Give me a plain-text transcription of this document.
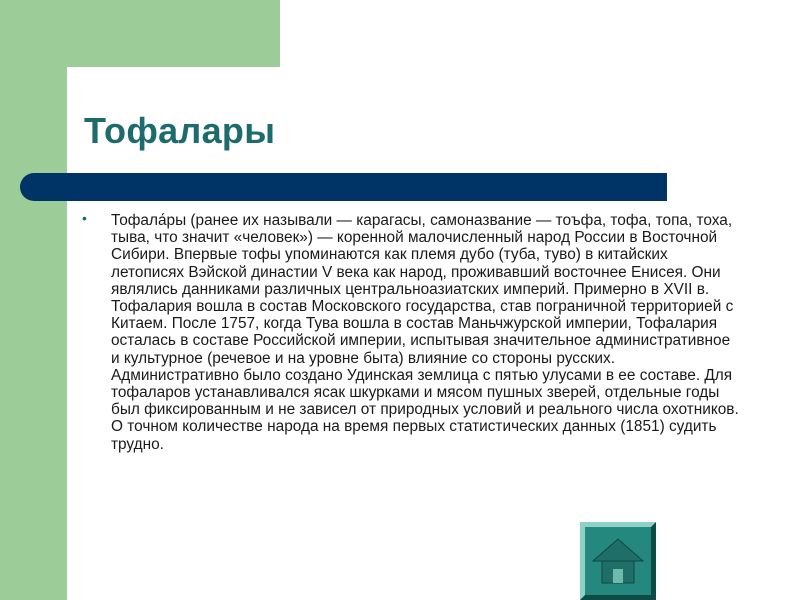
Тофалары
• Тофала́ры (ранее их называли — карагасы, самоназвание — тоъфа, тофа, топа, тоха, тыва, что значит «человек») — коренной малочисленный народ России в Восточной Сибири. Впервые тофы упоминаются как племя дубо (туба, туво) в китайских летописях Вэйской династии V века как народ, проживавший восточнее Енисея. Они являлись данниками различных центральноазиатских империй. Примерно в XVII в. Тофалария вошла в состав Московского государства, став пограничной территорией с Китаем. После 1757, когда Тува вошла в состав Маньчжурской империи, Тофалария осталась в составе Российской империи, испытывая значительное административное и культурное (речевое и на уровне быта) влияние со стороны русских. Административно было создано Удинская землица с пятью улусами в ее составе. Для тофаларов устанавливался ясак шкурками и мясом пушных зверей, отдельные годы был фиксированным и не зависел от природных условий и реального числа охотников. О точном количестве народа на время первых статистических данных (1851) судить трудно.
